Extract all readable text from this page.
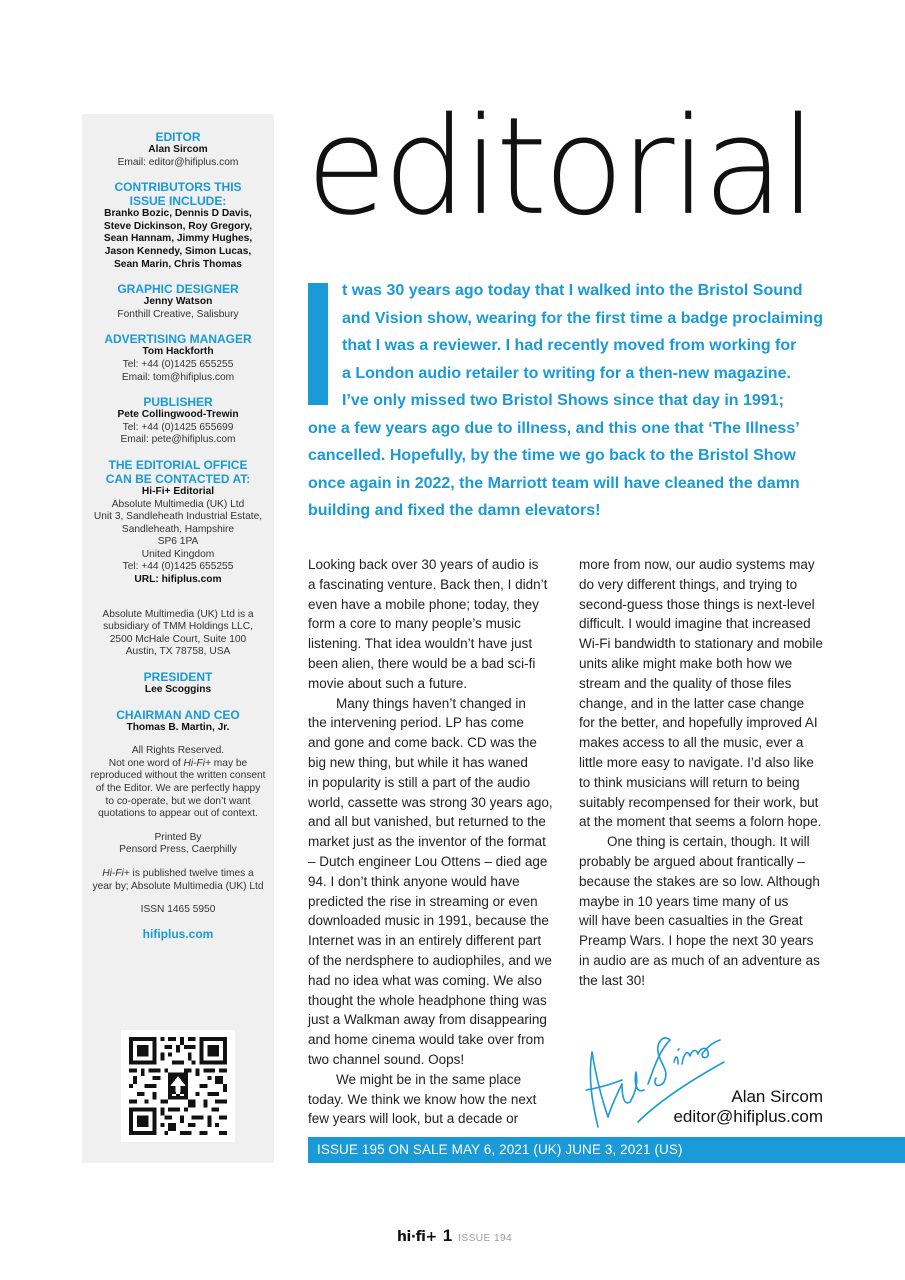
EDITOR
Alan Sircom
Email: editor@hifiplus.com
CONTRIBUTORS THIS
ISSUE INCLUDE:
Branko Bozic, Dennis D Davis,
Steve Dickinson, Roy Gregory,
Sean Hannam, Jimmy Hughes,
Jason Kennedy, Simon Lucas,
Sean Marin, Chris Thomas
GRAPHIC DESIGNER
Jenny Watson
Fonthill Creative, Salisbury
ADVERTISING MANAGER
Tom Hackforth
Tel: +44 (0)1425 655255
Email: tom@hifiplus.com
PUBLISHER
Pete Collingwood-Trewin
Tel: +44 (0)1425 655699
Email: pete@hifiplus.com
THE EDITORIAL OFFICE
CAN BE CONTACTED AT:
Hi-Fi+ Editorial
Absolute Multimedia (UK) Ltd
Unit 3, Sandleheath Industrial Estate,
Sandleheath, Hampshire
SP6 1PA
United Kingdom
Tel: +44 (0)1425 655255
URL: hifiplus.com
Absolute Multimedia (UK) Ltd is a
subsidiary of TMM Holdings LLC,
2500 McHale Court, Suite 100
Austin, TX 78758, USA
PRESIDENT
Lee Scoggins
CHAIRMAN AND CEO
Thomas B. Martin, Jr.
All Rights Reserved.
Not one word of Hi-Fi+ may be
reproduced without the written consent
of the Editor. We are perfectly happy
to co-operate, but we don’t want
quotations to appear out of context.
Printed By
Pensord Press, Caerphilly
Hi-Fi+ is published twelve times a
year by; Absolute Multimedia (UK) Ltd
ISSN 1465 5950
hifiplus.com
editorial
t was 30 years ago today that I walked into the Bristol Sound
and Vision show, wearing for the first time a badge proclaiming
that I was a reviewer. I had recently moved from working for
a London audio retailer to writing for a then-new magazine.
I’ve only missed two Bristol Shows since that day in 1991;
one a few years ago due to illness, and this one that ‘The Illness’
cancelled. Hopefully, by the time we go back to the Bristol Show
once again in 2022, the Marriott team will have cleaned the damn
building and fixed the damn elevators!
Looking back over 30 years of audio is
a fascinating venture. Back then, I didn’t
even have a mobile phone; today, they
form a core to many people’s music
listening. That idea wouldn’t have just
been alien, there would be a bad sci-fi
movie about such a future.
Many things haven’t changed in
the intervening period. LP has come
and gone and come back. CD was the
big new thing, but while it has waned
in popularity is still a part of the audio
world, cassette was strong 30 years ago,
and all but vanished, but returned to the
market just as the inventor of the format
– Dutch engineer Lou Ottens – died age
94. I don’t think anyone would have
predicted the rise in streaming or even
downloaded music in 1991, because the
Internet was in an entirely different part
of the nerdsphere to audiophiles, and we
had no idea what was coming. We also
thought the whole headphone thing was
just a Walkman away from disappearing
and home cinema would take over from
two channel sound. Oops!
We might be in the same place
today. We think we know how the next
few years will look, but a decade or
more from now, our audio systems may
do very different things, and trying to
second-guess those things is next-level
difficult. I would imagine that increased
Wi-Fi bandwidth to stationary and mobile
units alike might make both how we
stream and the quality of those files
change, and in the latter case change
for the better, and hopefully improved AI
makes access to all the music, ever a
little more easy to navigate. I’d also like
to think musicians will return to being
suitably recompensed for their work, but
at the moment that seems a folorn hope.
One thing is certain, though. It will
probably be argued about frantically –
because the stakes are so low. Although
maybe in 10 years time many of us
will have been casualties in the Great
Preamp Wars. I hope the next 30 years
in audio are as much of an adventure as
the last 30!
Alan Sircom
editor@hifiplus.com
ISSUE 195 ON SALE MAY 6, 2021 (UK) JUNE 3, 2021 (US)
hi·fi+ 1 ISSUE 194
